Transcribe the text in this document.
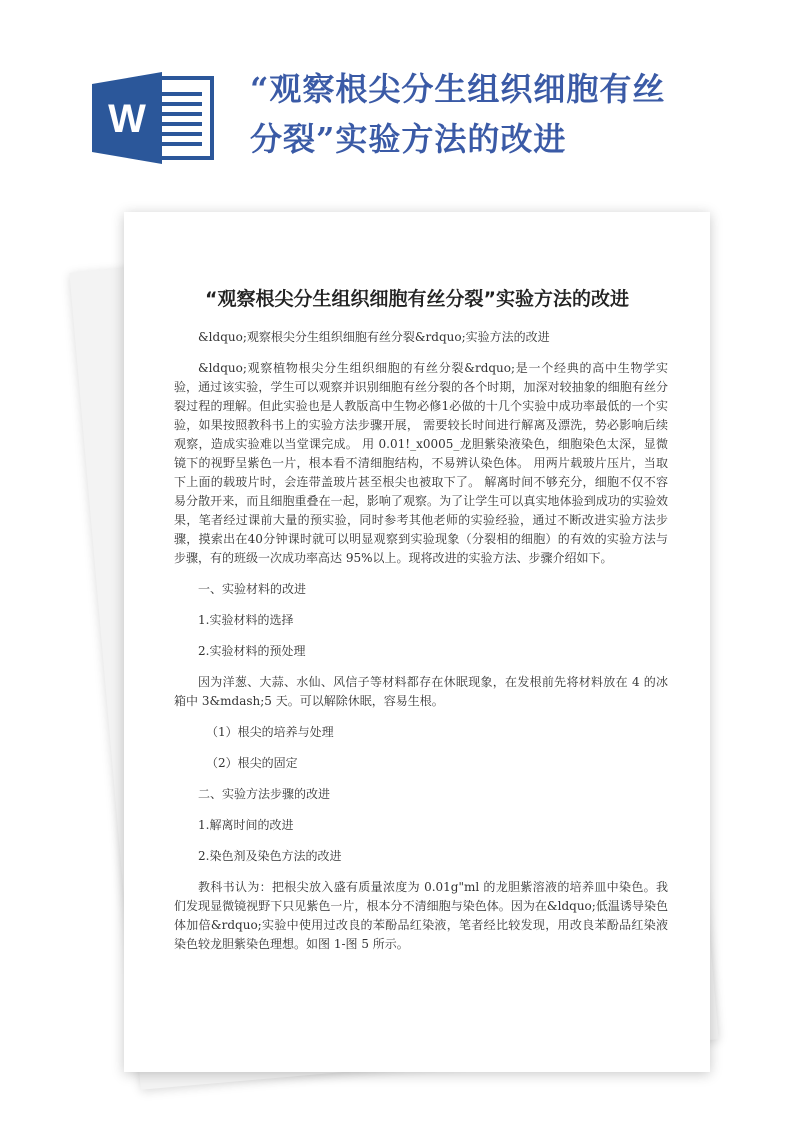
W
“观察根尖分生组织细胞有丝
分裂”实验方法的改进
“观察根尖分生组织细胞有丝分裂”实验方法的改进

&ldquo;观察根尖分生组织细胞有丝分裂&rdquo;实验方法的改进

&ldquo;观察植物根尖分生组织细胞的有丝分裂&rdquo;是一个经典的高中生物学实验，通过该实验，学生可以观察并识别细胞有丝分裂的各个时期，加深对较抽象的细胞有丝分裂过程的理解。但此实验也是人教版高中生物必修1必做的十几个实验中成功率最低的一个实验，如果按照教科书上的实验方法步骤开展， 需要较长时间进行解离及漂洗，势必影响后续观察，造成实验难以当堂课完成。 用 0.01!_x0005_龙胆紫染液染色，细胞染色太深，显微镜下的视野呈紫色一片，根本看不清细胞结构，不易辨认染色体。 用两片载玻片压片，当取下上面的载玻片时，会连带盖玻片甚至根尖也被取下了。 解离时间不够充分，细胞不仅不容易分散开来，而且细胞重叠在一起，影响了观察。为了让学生可以真实地体验到成功的实验效果，笔者经过课前大量的预实验，同时参考其他老师的实验经验，通过不断改进实验方法步骤，摸索出在40分钟课时就可以明显观察到实验现象（分裂相的细胞）的有效的实验方法与步骤，有的班级一次成功率高达 95%以上。现将改进的实验方法、步骤介绍如下。

一、实验材料的改进

1.实验材料的选择

2.实验材料的预处理

因为洋葱、大蒜、水仙、风信子等材料都存在休眠现象，在发根前先将材料放在 4 的冰箱中 3&mdash;5 天。可以解除休眠，容易生根。

（1）根尖的培养与处理

（2）根尖的固定

二、实验方法步骤的改进

1.解离时间的改进

2.染色剂及染色方法的改进

教科书认为：把根尖放入盛有质量浓度为 0.01g"ml 的龙胆紫溶液的培养皿中染色。我们发现显微镜视野下只见紫色一片，根本分不清细胞与染色体。因为在&ldquo;低温诱导染色体加倍&rdquo;实验中使用过改良的苯酚品红染液，笔者经比较发现，用改良苯酚品红染液染色较龙胆紫染色理想。如图 1-图 5 所示。
